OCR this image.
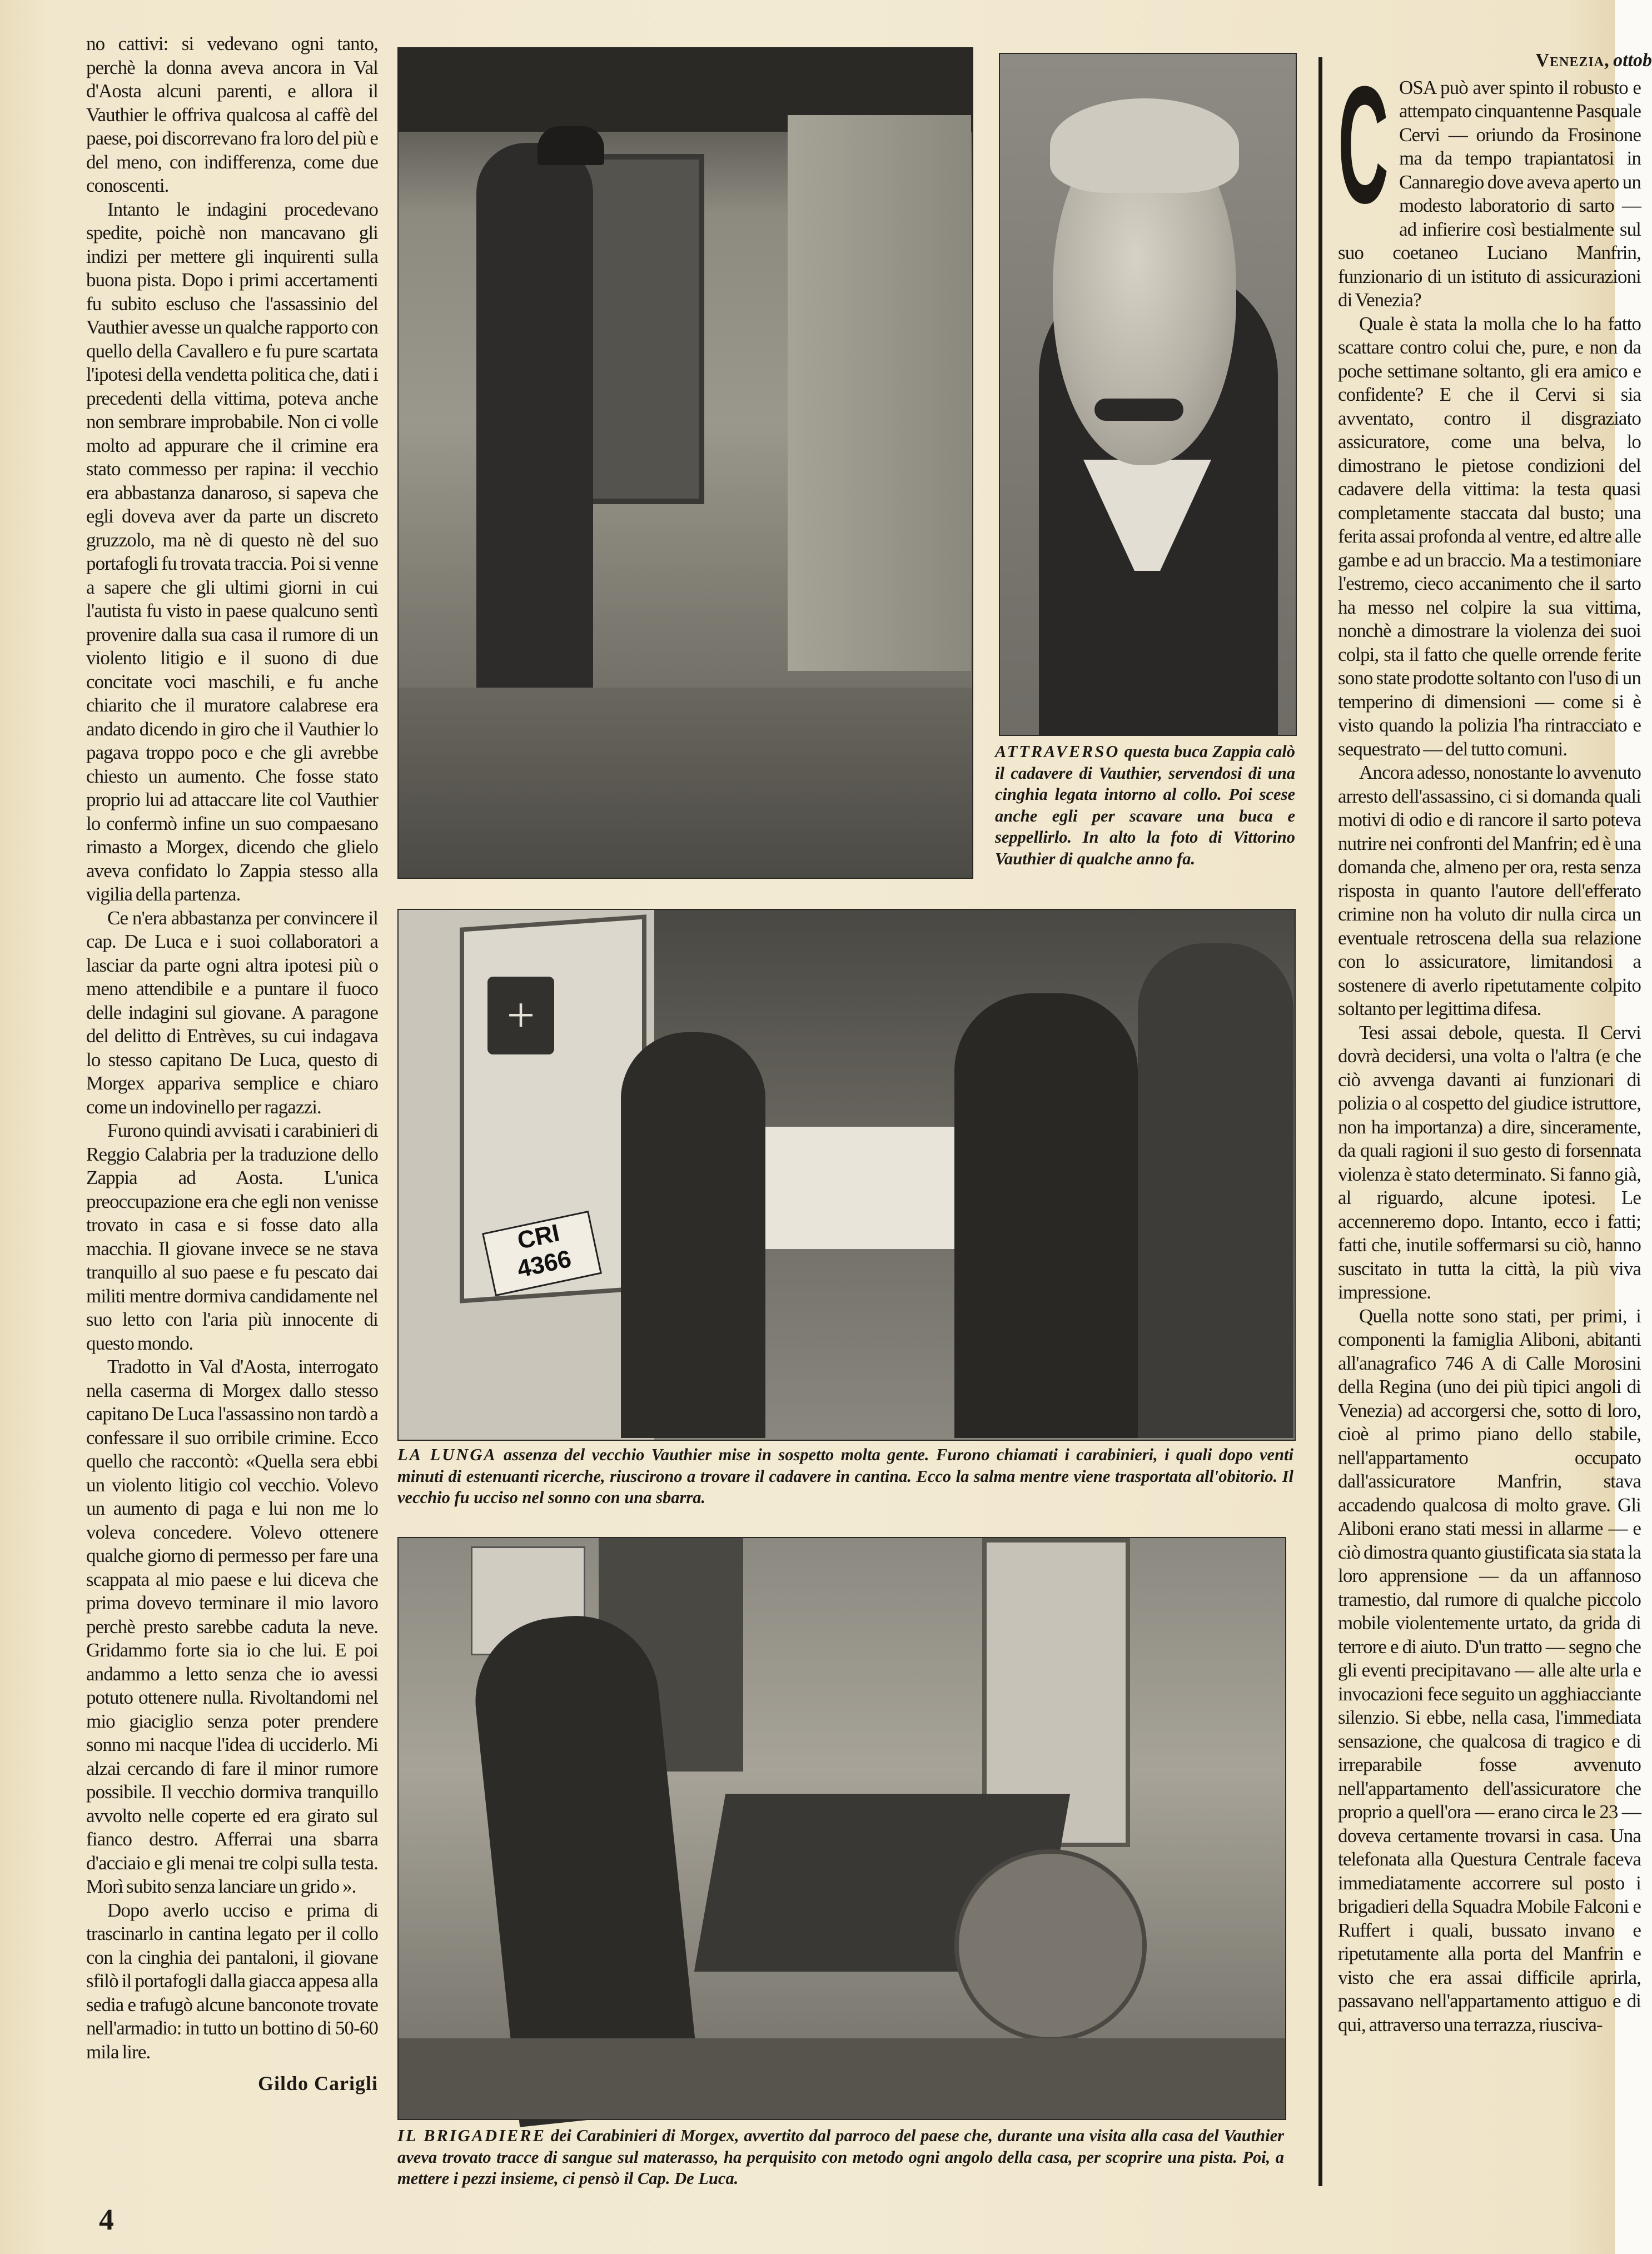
no cattivi: si vedevano ogni tanto, perchè la donna aveva ancora in Val d'Aosta alcuni parenti, e allora il Vauthier le offriva qualcosa al caffè del paese, poi discorrevano fra loro del più e del meno, con indifferenza, come due conoscenti.

Intanto le indagini procedevano spedite, poichè non mancavano gli indizi per mettere gli inquirenti sulla buona pista. Dopo i primi accertamenti fu subito escluso che l'assassinio del Vauthier avesse un qualche rapporto con quello della Cavallero e fu pure scartata l'ipotesi della vendetta politica che, dati i precedenti della vittima, poteva anche non sembrare improbabile. Non ci volle molto ad appurare che il crimine era stato commesso per rapina: il vecchio era abbastanza danaroso, si sapeva che egli doveva aver da parte un discreto gruzzolo, ma nè di questo nè del suo portafogli fu trovata traccia. Poi si venne a sapere che gli ultimi giorni in cui l'autista fu visto in paese qualcuno sentì provenire dalla sua casa il rumore di un violento litigio e il suono di due concitate voci maschili, e fu anche chiarito che il muratore calabrese era andato dicendo in giro che il Vauthier lo pagava troppo poco e che gli avrebbe chiesto un aumento. Che fosse stato proprio lui ad attaccare lite col Vauthier lo confermò infine un suo compaesano rimasto a Morgex, dicendo che glielo aveva confidato lo Zappia stesso alla vigilia della partenza.

Ce n'era abbastanza per convincere il cap. De Luca e i suoi collaboratori a lasciar da parte ogni altra ipotesi più o meno attendibile e a puntare il fuoco delle indagini sul giovane. A paragone del delitto di Entrèves, su cui indagava lo stesso capitano De Luca, questo di Morgex appariva semplice e chiaro come un indovinello per ragazzi.

Furono quindi avvisati i carabinieri di Reggio Calabria per la traduzione dello Zappia ad Aosta. L'unica preoccupazione era che egli non venisse trovato in casa e si fosse dato alla macchia. Il giovane invece se ne stava tranquillo al suo paese e fu pescato dai militi mentre dormiva candidamente nel suo letto con l'aria più innocente di questo mondo.

Tradotto in Val d'Aosta, interrogato nella caserma di Morgex dallo stesso capitano De Luca l'assassino non tardò a confessare il suo orribile crimine. Ecco quello che raccontò: «Quella sera ebbi un violento litigio col vecchio. Volevo un aumento di paga e lui non me lo voleva concedere. Volevo ottenere qualche giorno di permesso per fare una scappata al mio paese e lui diceva che prima dovevo terminare il mio lavoro perchè presto sarebbe caduta la neve. Gridammo forte sia io che lui. E poi andammo a letto senza che io avessi potuto ottenere nulla. Rivoltandomi nel mio giaciglio senza poter prendere sonno mi nacque l'idea di ucciderlo. Mi alzai cercando di fare il minor rumore possibile. Il vecchio dormiva tranquillo avvolto nelle coperte ed era girato sul fianco destro. Afferrai una sbarra d'acciaio e gli menai tre colpi sulla testa. Morì subito senza lanciare un grido ».

Dopo averlo ucciso e prima di trascinarlo in cantina legato per il collo con la cinghia dei pantaloni, il giovane sfilò il portafogli dalla giacca appesa alla sedia e trafugò alcune banconote trovate nell'armadio: in tutto un bottino di 50-60 mila lire.

Gildo Carigli
ATTRAVERSO questa buca Zappia calò il cadavere di Vauthier, servendosi di una cinghia legata intorno al collo. Poi scese anche egli per scavare una buca e seppellirlo. In alto la foto di Vittorino Vauthier di qualche anno fa.
+
CRI
4366
LA LUNGA assenza del vecchio Vauthier mise in sospetto molta gente. Furono chiamati i carabinieri, i quali dopo venti minuti di estenuanti ricerche, riuscirono a trovare il cadavere in cantina. Ecco la salma mentre viene trasportata all'obitorio. Il vecchio fu ucciso nel sonno con una sbarra.
IL BRIGADIERE dei Carabinieri di Morgex, avvertito dal parroco del paese che, durante una visita alla casa del Vauthier aveva trovato tracce di sangue sul materasso, ha perquisito con metodo ogni angolo della casa, per scoprire una pista. Poi, a mettere i pezzi insieme, ci pensò il Cap. De Luca.
Venezia, ottob
C OSA può aver spinto il robusto e attempato cinquantenne Pasquale Cervi — oriundo da Frosinone ma da tempo trapiantatosi in Cannaregio dove aveva aperto un modesto laboratorio di sarto — ad infierire così bestialmente sul suo coetaneo Luciano Manfrin, funzionario di un istituto di assicurazioni di Venezia?

Quale è stata la molla che lo ha fatto scattare contro colui che, pure, e non da poche settimane soltanto, gli era amico e confidente? E che il Cervi si sia avventato, contro il disgraziato assicuratore, come una belva, lo dimostrano le pietose condizioni del cadavere della vittima: la testa quasi completamente staccata dal busto; una ferita assai profonda al ventre, ed altre alle gambe e ad un braccio. Ma a testimoniare l'estremo, cieco accanimento che il sarto ha messo nel colpire la sua vittima, nonchè a dimostrare la violenza dei suoi colpi, sta il fatto che quelle orrende ferite sono state prodotte soltanto con l'uso di un temperino di dimensioni — come si è visto quando la polizia l'ha rintracciato e sequestrato — del tutto comuni.

Ancora adesso, nonostante lo avvenuto arresto dell'assassino, ci si domanda quali motivi di odio e di rancore il sarto poteva nutrire nei confronti del Manfrin; ed è una domanda che, almeno per ora, resta senza risposta in quanto l'autore dell'efferato crimine non ha voluto dir nulla circa un eventuale retroscena della sua relazione con lo assicuratore, limitandosi a sostenere di averlo ripetutamente colpito soltanto per legittima difesa.

Tesi assai debole, questa. Il Cervi dovrà decidersi, una volta o l'altra (e che ciò avvenga davanti ai funzionari di polizia o al cospetto del giudice istruttore, non ha importanza) a dire, sinceramente, da quali ragioni il suo gesto di forsennata violenza è stato determinato. Si fanno già, al riguardo, alcune ipotesi. Le accenneremo dopo. Intanto, ecco i fatti; fatti che, inutile soffermarsi su ciò, hanno suscitato in tutta la città, la più viva impressione.

Quella notte sono stati, per primi, i componenti la famiglia Aliboni, abitanti all'anagrafico 746 A di Calle Morosini della Regina (uno dei più tipici angoli di Venezia) ad accorgersi che, sotto di loro, cioè al primo piano dello stabile, nell'appartamento occupato dall'assicuratore Manfrin, stava accadendo qualcosa di molto grave. Gli Aliboni erano stati messi in allarme — e ciò dimostra quanto giustificata sia stata la loro apprensione — da un affannoso tramestio, dal rumore di qualche piccolo mobile violentemente urtato, da grida di terrore e di aiuto. D'un tratto — segno che gli eventi precipitavano — alle alte urla e invocazioni fece seguito un agghiacciante silenzio. Si ebbe, nella casa, l'immediata sensazione, che qualcosa di tragico e di irreparabile fosse avvenuto nell'appartamento dell'assicuratore che proprio a quell'ora — erano circa le 23 — doveva certamente trovarsi in casa. Una telefonata alla Questura Centrale faceva immediatamente accorrere sul posto i brigadieri della Squadra Mobile Falconi e Ruffert i quali, bussato invano e ripetutamente alla porta del Manfrin e visto che era assai difficile aprirla, passavano nell'appartamento attiguo e di qui, attraverso una terrazza, riusciva-

4
